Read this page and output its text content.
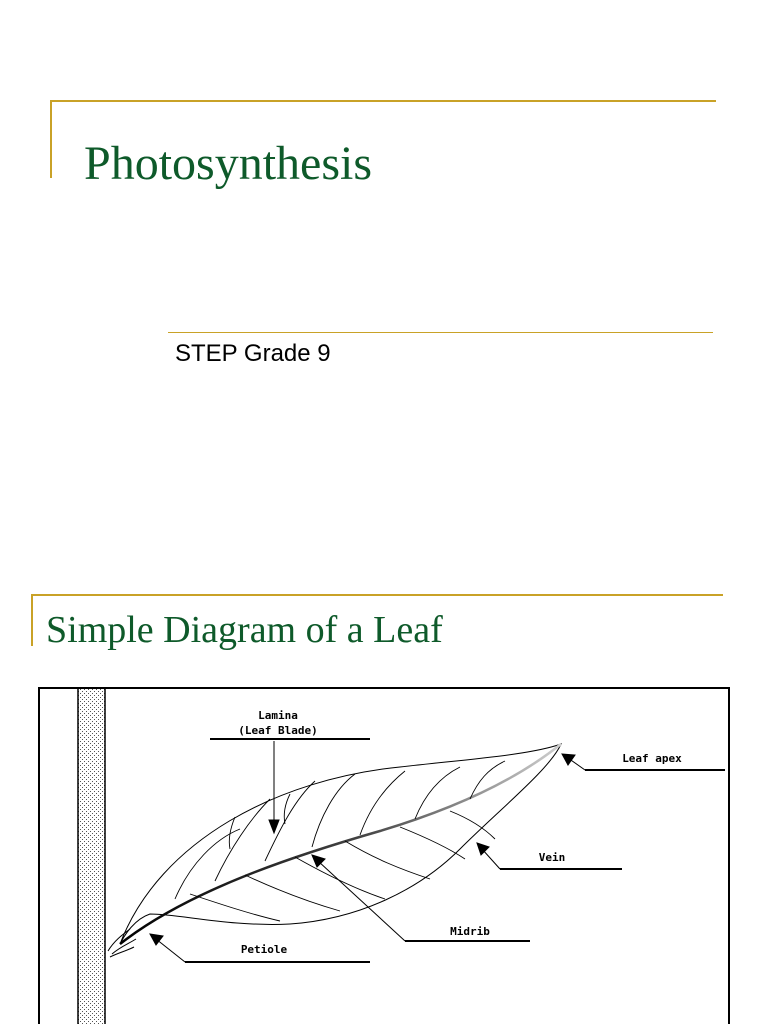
Photosynthesis

STEP Grade 9

Simple Diagram of a Leaf
Lamina
(Leaf Blade)
Leaf apex
Vein
Midrib
Petiole
